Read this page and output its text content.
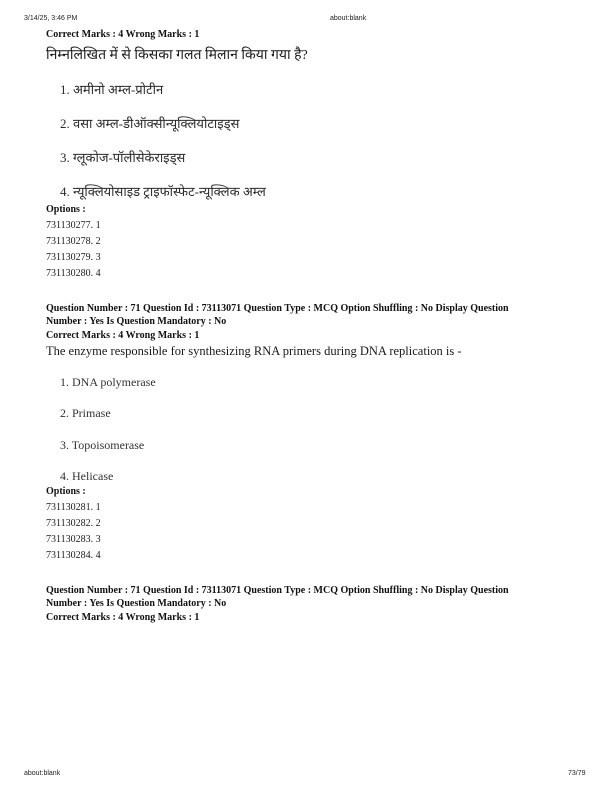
3/14/25, 3:46 PM	about:blank
Correct Marks : 4 Wrong Marks : 1
निम्नलिखित में से किसका गलत मिलान किया गया है?
1. अमीनो अम्ल-प्रोटीन
2. वसा अम्ल-डीऑक्सीन्यूक्लियोटाइड्स
3. ग्लूकोज-पॉलीसेकेराइड्स
4. न्यूक्लियोसाइड ट्राइफॉस्फेट-न्यूक्लिक अम्ल
Options :
731130277. 1
731130278. 2
731130279. 3
731130280. 4
Question Number : 71 Question Id : 73113071 Question Type : MCQ Option Shuffling : No Display Question
Number : Yes Is Question Mandatory : No
Correct Marks : 4 Wrong Marks : 1
The enzyme responsible for synthesizing RNA primers during DNA replication is -
1. DNA polymerase
2. Primase
3. Topoisomerase
4. Helicase
Options :
731130281. 1
731130282. 2
731130283. 3
731130284. 4
Question Number : 71 Question Id : 73113071 Question Type : MCQ Option Shuffling : No Display Question
Number : Yes Is Question Mandatory : No
Correct Marks : 4 Wrong Marks : 1
about:blank	73/79
